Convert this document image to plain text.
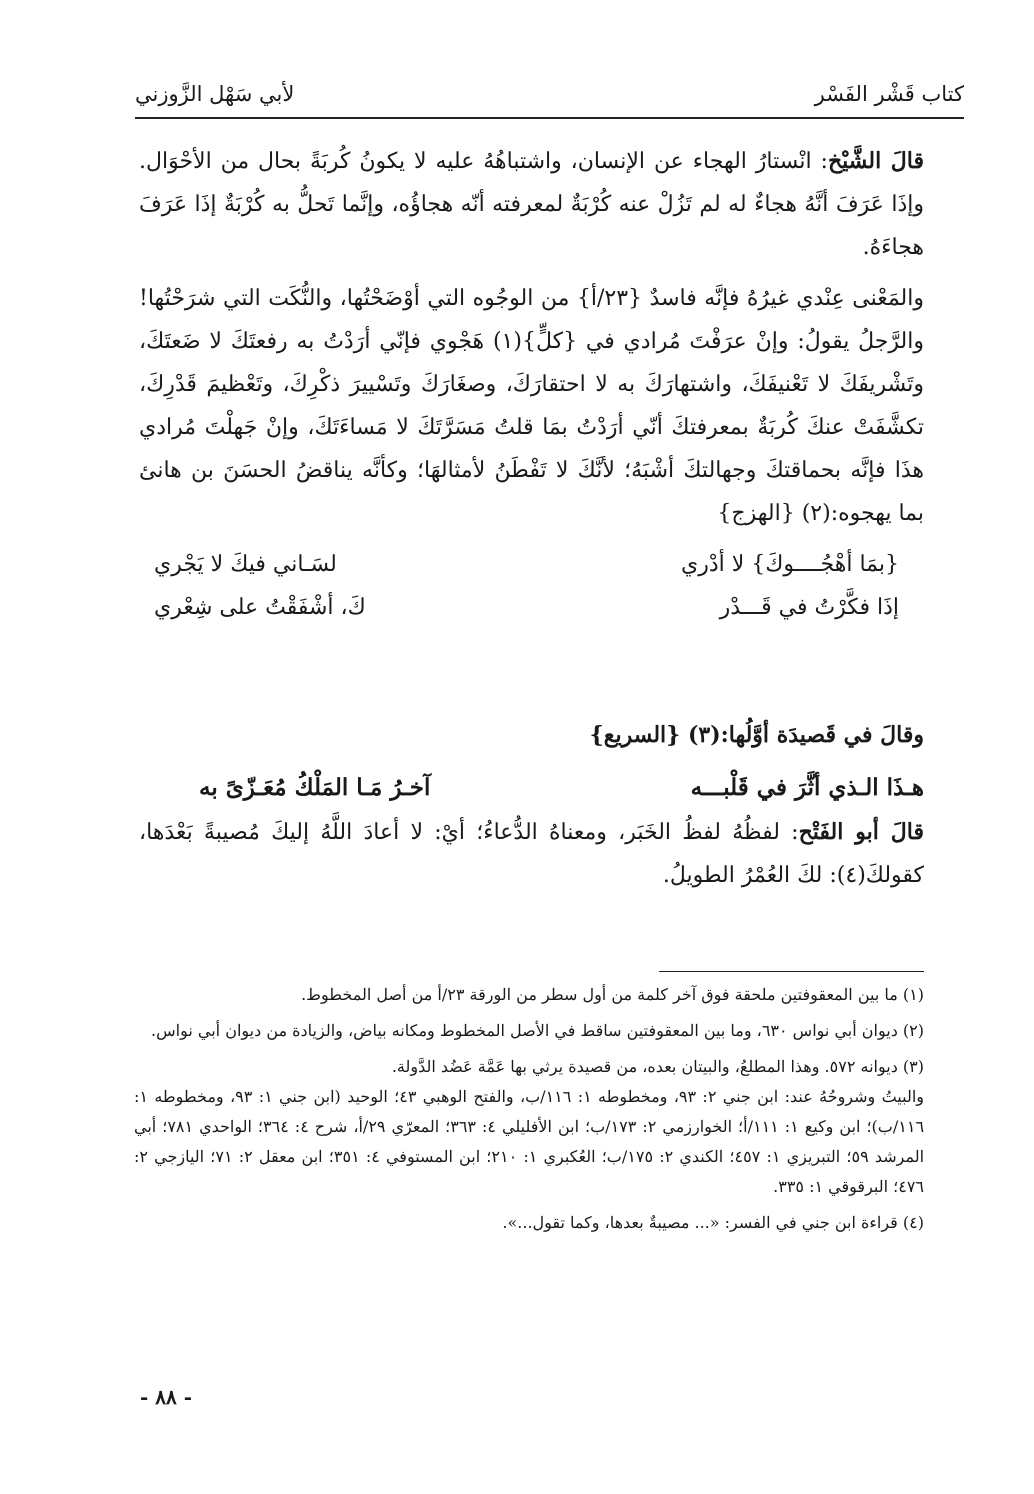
كتاب قَشْر الفَسْر
لأبي سَهْل الزَّوزني

قالَ الشَّيْخ: انْستارُ الهجاء عن الإنسان، واشتباهُهُ عليه لا يكونُ كُربَةً بحال من الأحْوَال. وإذَا عَرَفَ أنَّهُ هجاءٌ له لم تَزُلْ عنه كُرْبَةٌ لمعرفته أنّه هجاؤُه، وإنَّما تَحلُّ به كُرْبَةٌ إذَا عَرَفَ هجاءَهُ.

والمَعْنى عِنْدي غيرُهُ فإنَّه فاسدٌ {٢٣/أ} من الوجُوه التي أوْضَحْتُها، والنُّكَت التي شرَحْتُها! والرَّجلُ يقولُ: وإنْ عرَفْتَ مُرادي في {كلٍّ}(١) هَجْوي فإنّي أرَدْتُ به رفعتَكَ لا ضَعتَكَ، وتَشْريفَكَ لا تَعْنيفَكَ، واشتهارَكَ به لا احتقارَكَ، وصغَارَكَ وتَسْييرَ ذكْرِكَ، وتَعْظيمَ قَدْرِكَ، تكشَّفَتْ عنكَ كُربَةٌ بمعرفتكَ أنّي أرَدْتُ بمَا قلتُ مَسَرَّتَكَ لا مَساءَتَكَ، وإنْ جَهلْتَ مُرادي هذَا فإنَّه بحماقتكَ وجهالتكَ أشْبَهُ؛ لأنَّكَ لا تَفْطَنُ لأمثالهَا؛ وكأنَّه يناقضُ الحسَنَ بن هانئ بما يهجوه:(٢) {الهزج}

{بمَا أهْجُــــوكَ} لا أدْري
لسَـاني فيكَ لا يَجْري
إذَا فكَّرْتُ في قَـــدْر
كَ، أشْفَقْتُ على شِعْري

وقالَ في قَصيدَة أوَّلُها:(٣) {السريع}

هـذَا الـذي أثَّرَ في قَلْبـــه
آخـرُ مَـا المَلْكُ مُعَـزّىً به

قالَ أبو الفَتْح: لفظُهُ لفظُ الخَبَر، ومعناهُ الدُّعاءُ؛ أيْ: لا أعادَ اللَّهُ إليكَ مُصيبةً بَعْدَها، كقولكَ(٤): لكَ العُمْرُ الطويلُ.

(١) ما بين المعقوفتين ملحقة فوق آخر كلمة من أول سطر من الورقة ٢٣/أ من أصل المخطوط.

(٢) ديوان أبي نواس ٦٣٠، وما بين المعقوفتين ساقط في الأصل المخطوط ومكانه بياض، والزيادة من ديوان أبي نواس.

(٣) ديوانه ٥٧٢. وهذا المطلعُ، والبيتان بعده، من قصيدة يرثي بها عَمَّة عَضُد الدَّولة.

والبيتُ وشروحُهُ عند: ابن جني ٢: ٩٣، ومخطوطه ١: ١١٦/ب، والفتح الوهبي ٤٣؛ الوحيد (ابن جني ١: ٩٣، ومخطوطه ١: ١١٦/ب)؛ ابن وكيع ١: ١١١/أ؛ الخوارزمي ٢: ١٧٣/ب؛ ابن الأفليلي ٤: ٣٦٣؛ المعرّي ٢٩/أ، شرح ٤: ٣٦٤؛ الواحدي ٧٨١؛ أبي المرشد ٥٩؛ التبريزي ١: ٤٥٧؛ الكندي ٢: ١٧٥/ب؛ العُكبري ١: ٢١٠؛ ابن المستوفي ٤: ٣٥١؛ ابن معقل ٢: ٧١؛ اليازجي ٢: ٤٧٦؛ البرقوقي ١: ٣٣٥.

(٤) قراءة ابن جني في الفسر: «... مصيبةٌ بعدها، وكما تقول...».

- ٨٨ -
